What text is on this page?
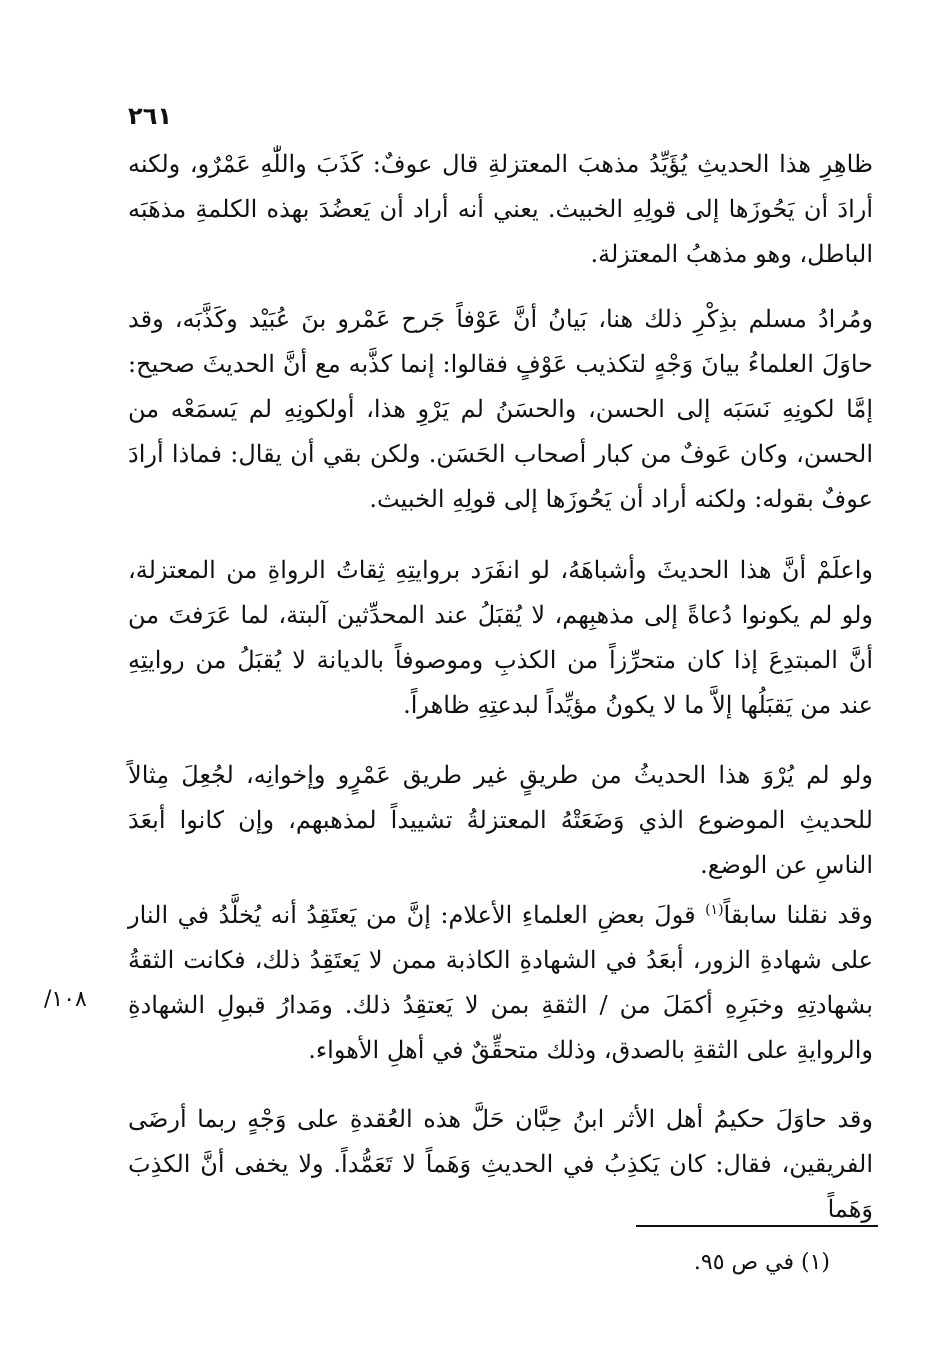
٢٦١

ظاهِرِ هذا الحديثِ يُؤَيِّدُ مذهبَ المعتزلةِ قال عوفٌ: كَذَبَ واللّٰهِ عَمْرٌو، ولكنه أرادَ أن يَحُوزَها إلى قولِهِ الخبيث. يعني أنه أراد أن يَعضُدَ بهذه الكلمةِ مذهَبَه الباطل، وهو مذهبُ المعتزلة.

ومُرادُ مسلم بذِكْرِ ذلك هنا، بَيانُ أنَّ عَوْفاً جَرح عَمْرو بنَ عُبَيْد وكَذَّبَه، وقد حاوَلَ العلماءُ بيانَ وَجْهٍ لتكذيب عَوْفٍ فقالوا: إنما كذَّبه مع أنَّ الحديثَ صحيح: إمَّا لكونِهِ نَسَبَه إلى الحسن، والحسَنُ لم يَرْوِ هذا، أولكونِهِ لم يَسمَعْه من الحسن، وكان عَوفٌ من كبار أصحاب الحَسَن. ولكن بقي أن يقال: فماذا أرادَ عوفٌ بقوله: ولكنه أراد أن يَحُوزَها إلى قولِهِ الخبيث.

واعلَمْ أنَّ هذا الحديثَ وأشباهَهُ، لو انفَرَد بروايتِهِ ثِقاتُ الرواةِ من المعتزلة، ولو لم يكونوا دُعاةً إلى مذهبِهم، لا يُقبَلُ عند المحدِّثين آلبتة، لما عَرَفتَ من أنَّ المبتدِعَ إذا كان متحرِّزاً من الكذبِ وموصوفاً بالديانة لا يُقبَلُ من روايتِهِ عند من يَقبَلُها إلاَّ ما لا يكونُ مؤيِّداً لبدعتِهِ ظاهراً.

ولو لم يُرْوَ هذا الحديثُ من طريقٍ غير طريق عَمْرٍو وإخوانِه، لجُعِلَ مِثالاً للحديثِ الموضوع الذي وَضَعَتْهُ المعتزلةُ تشييداً لمذهبهم، وإن كانوا أبعَدَ الناسِ عن الوضع.

وقد نقلنا سابقاً$^{(١)}$ قولَ بعضِ العلماءِ الأعلام: إنَّ من يَعتَقِدُ أنه يُخلَّدُ في النار على شهادةِ الزور، أبعَدُ في الشهادةِ الكاذبة ممن لا يَعتَقِدُ ذلك، فكانت الثقةُ بشهادتِهِ وخبَرِهِ أكمَلَ من / الثقةِ بمن لا يَعتقِدُ ذلك. ومَدارُ قبولِ الشهادةِ والروايةِ على الثقةِ بالصدق، وذلك متحقِّقٌ في أهلِ الأهواء.

/١٠٨

وقد حاوَلَ حكيمُ أهل الأثر ابنُ حِبَّان حَلَّ هذه العُقدةِ على وَجْهٍ ربما أرضَى الفريقين، فقال: كان يَكذِبُ في الحديثِ وَهَماً لا تَعَمُّداً. ولا يخفى أنَّ الكذِبَ وَهَماً

(١) في ص ٩٥.
